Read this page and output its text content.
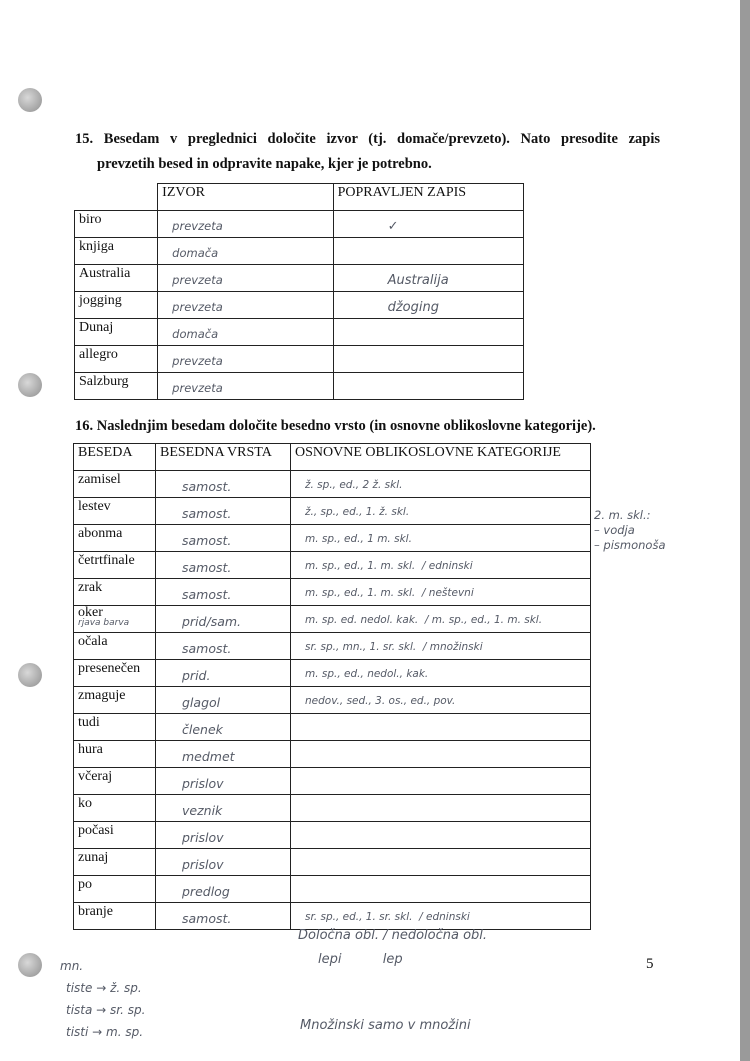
15. Besedam v preglednici določite izvor (tj. domače/prevzeto). Nato presodite zapis
prevzetih besed in odpravite napake, kjer je potrebno.
	IZVOR	POPRAVLJEN ZAPIS
biro	prevzeta	✓

knjiga	domača	

Australia	prevzeta	Australija

jogging	prevzeta	džoging

Dunaj	domača	

allegro	prevzeta	

Salzburg	prevzeta	

16. Naslednjim besedam določite besedno vrsto (in osnovne oblikoslovne kategorije).
BESEDA	BESEDNA VRSTA	OSNOVNE OBLIKOSLOVNE KATEGORIJE
zamisel	samost.	ž. sp., ed., 2 ž. skl.

lestev	samost.	ž., sp., ed., 1. ž. skl.

abonma	samost.	m. sp., ed., 1 m. skl.

četrtfinale	samost.	m. sp., ed., 1. m. skl.  / edninski

zrak	samost.	m. sp., ed., 1. m. skl.  / neštevni

oker
rjava barva	prid/sam.	m. sp. ed. nedol. kak.  / m. sp., ed., 1. m. skl.

očala	samost.	sr. sp., mn., 1. sr. skl.  / množinski

presenečen	prid.	m. sp., ed., nedol., kak.

zmaguje	glagol	nedov., sed., 3. os., ed., pov.

tudi	členek	

hura	medmet	

včeraj	prislov	

ko	veznik	

počasi	prislov	

zunaj	prislov	

po	predlog	

branje	samost.	sr. sp., ed., 1. sr. skl.  / edninski
2. m. skl.:
– vodja
– pismonoša
mn.
tiste → ž. sp.
tista → sr. sp.
tisti → m. sp.
Določna obl. / nedoločna obl.
lepi          lep
Množinski samo v množini
5
